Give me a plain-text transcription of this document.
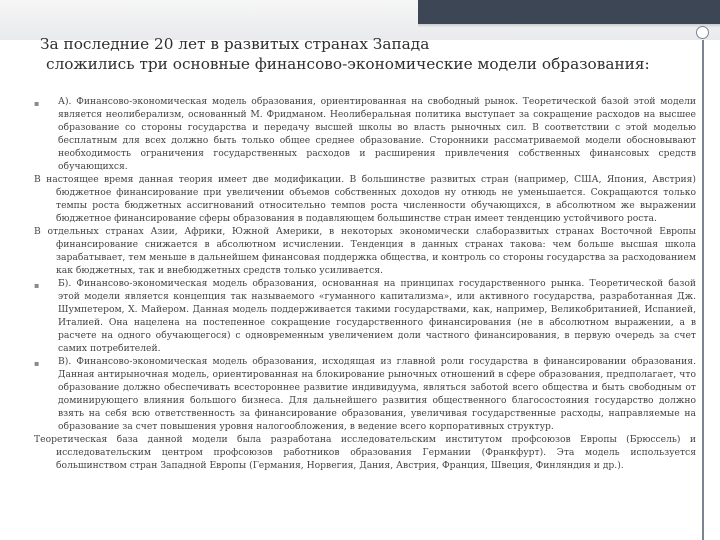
За последние 20 лет в развитых странах Запада
сложились три основные финансово-экономические модели образования:

▪ А). Финансово-экономическая модель образования, ориентированная на свободный рынок. Теоретической базой этой модели является неолиберализм, основанный М. Фридманом. Неолиберальная политика выступает за сокращение расходов на высшее образование со стороны государства и передачу высшей школы во власть рыночных сил. В соответствии с этой моделью бесплатным для всех должно быть только общее среднее образование. Сторонники рассматриваемой модели обосновывают необходимость ограничения государственных расходов и расширения привлечения собственных финансовых средств обучающихся.

В настоящее время данная теория имеет две модификации. В большинстве развитых стран (например, США, Япония, Австрия) бюджетное финансирование при увеличении объемов собственных доходов ну отнюдь не уменьшается. Сокращаются только темпы роста бюджетных ассигнований относительно темпов роста численности обучающихся, в абсолютном же выражении бюджетное финансирование сферы образования в подавляющем большинстве стран имеет тенденцию устойчивого роста.

В отдельных странах Азии, Африки, Южной Америки, в некоторых экономически слаборазвитых странах Восточной Европы финансирование снижается в абсолютном исчислении. Тенденция в данных странах такова: чем больше высшая школа зарабатывает, тем меньше в дальнейшем финансовая поддержка общества, и контроль со стороны государства за расходованием как бюджетных, так и внебюджетных средств только усиливается.

▪ Б). Финансово-экономическая модель образования, основанная на принципах государственного рынка. Теоретической базой этой модели является концепция так называемого «гуманного капитализма», или активного государства, разработанная Дж. Шумпетером, Х. Майером. Данная модель поддерживается такими государствами, как, например, Великобританией, Испанией, Италией. Она нацелена на постепенное сокращение государственного финансирования (не в абсолютном выражении, а в расчете на одного обучающегося) с одновременным увеличением доли частного финансирования, в первую очередь за счет самих потребителей.

▪ В). Финансово-экономическая модель образования, исходящая из главной роли государства в финансировании образования. Данная антирыночная модель, ориентированная на блокирование рыночных отношений в сфере образования, предполагает, что образование должно обеспечивать всестороннее развитие индивидуума, являться заботой всего общества и быть свободным от доминирующего влияния большого бизнеса. Для дальнейшего развития общественного благосостояния государство должно взять на себя всю ответственность за финансирование образования, увеличивая государственные расходы, направляемые на образование за счет повышения уровня налогообложения, в ведение всего корпоративных структур.

Теоретическая база данной модели была разработана исследовательским институтом профсоюзов Европы (Брюссель) и исследовательским центром профсоюзов работников образования Германии (Франкфурт). Эта модель используется большинством стран Западной Европы (Германия, Норвегия, Дания, Австрия, Франция, Швеция, Финляндия и др.).
